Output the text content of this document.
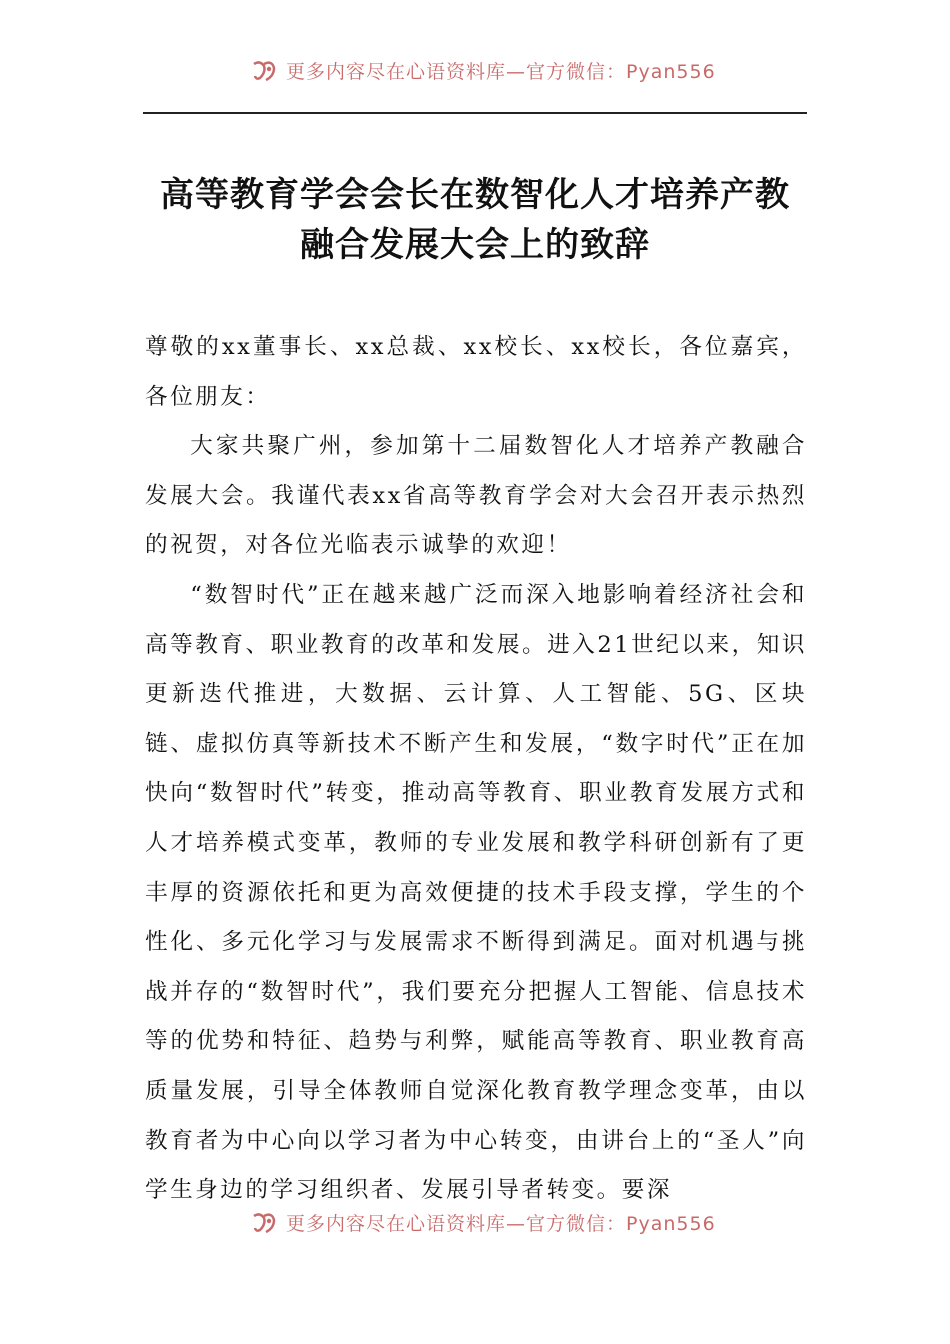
更多内容尽在心语资料库—官方微信：Pyan556
高等教育学会会长在数智化人才培养产教
融合发展大会上的致辞

尊敬的xx董事长、xx总裁、xx校长、xx校长，各位嘉宾，各位朋友：

大家共聚广州，参加第十二届数智化人才培养产教融合发展大会。我谨代表xx省高等教育学会对大会召开表示热烈的祝贺，对各位光临表示诚挚的欢迎！

“数智时代”正在越来越广泛而深入地影响着经济社会和高等教育、职业教育的改革和发展。进入21世纪以来，知识更新迭代推进，大数据、云计算、人工智能、5G、区块链、虚拟仿真等新技术不断产生和发展，“数字时代”正在加快向“数智时代”转变，推动高等教育、职业教育发展方式和人才培养模式变革，教师的专业发展和教学科研创新有了更丰厚的资源依托和更为高效便捷的技术手段支撑，学生的个性化、多元化学习与发展需求不断得到满足。面对机遇与挑战并存的“数智时代”，我们要充分把握人工智能、信息技术等的优势和特征、趋势与利弊，赋能高等教育、职业教育高质量发展，引导全体教师自觉深化教育教学理念变革，由以教育者为中心向以学习者为中心转变，由讲台上的“圣人”向学生身边的学习组织者、发展引导者转变。要深

更多内容尽在心语资料库—官方微信：Pyan556
